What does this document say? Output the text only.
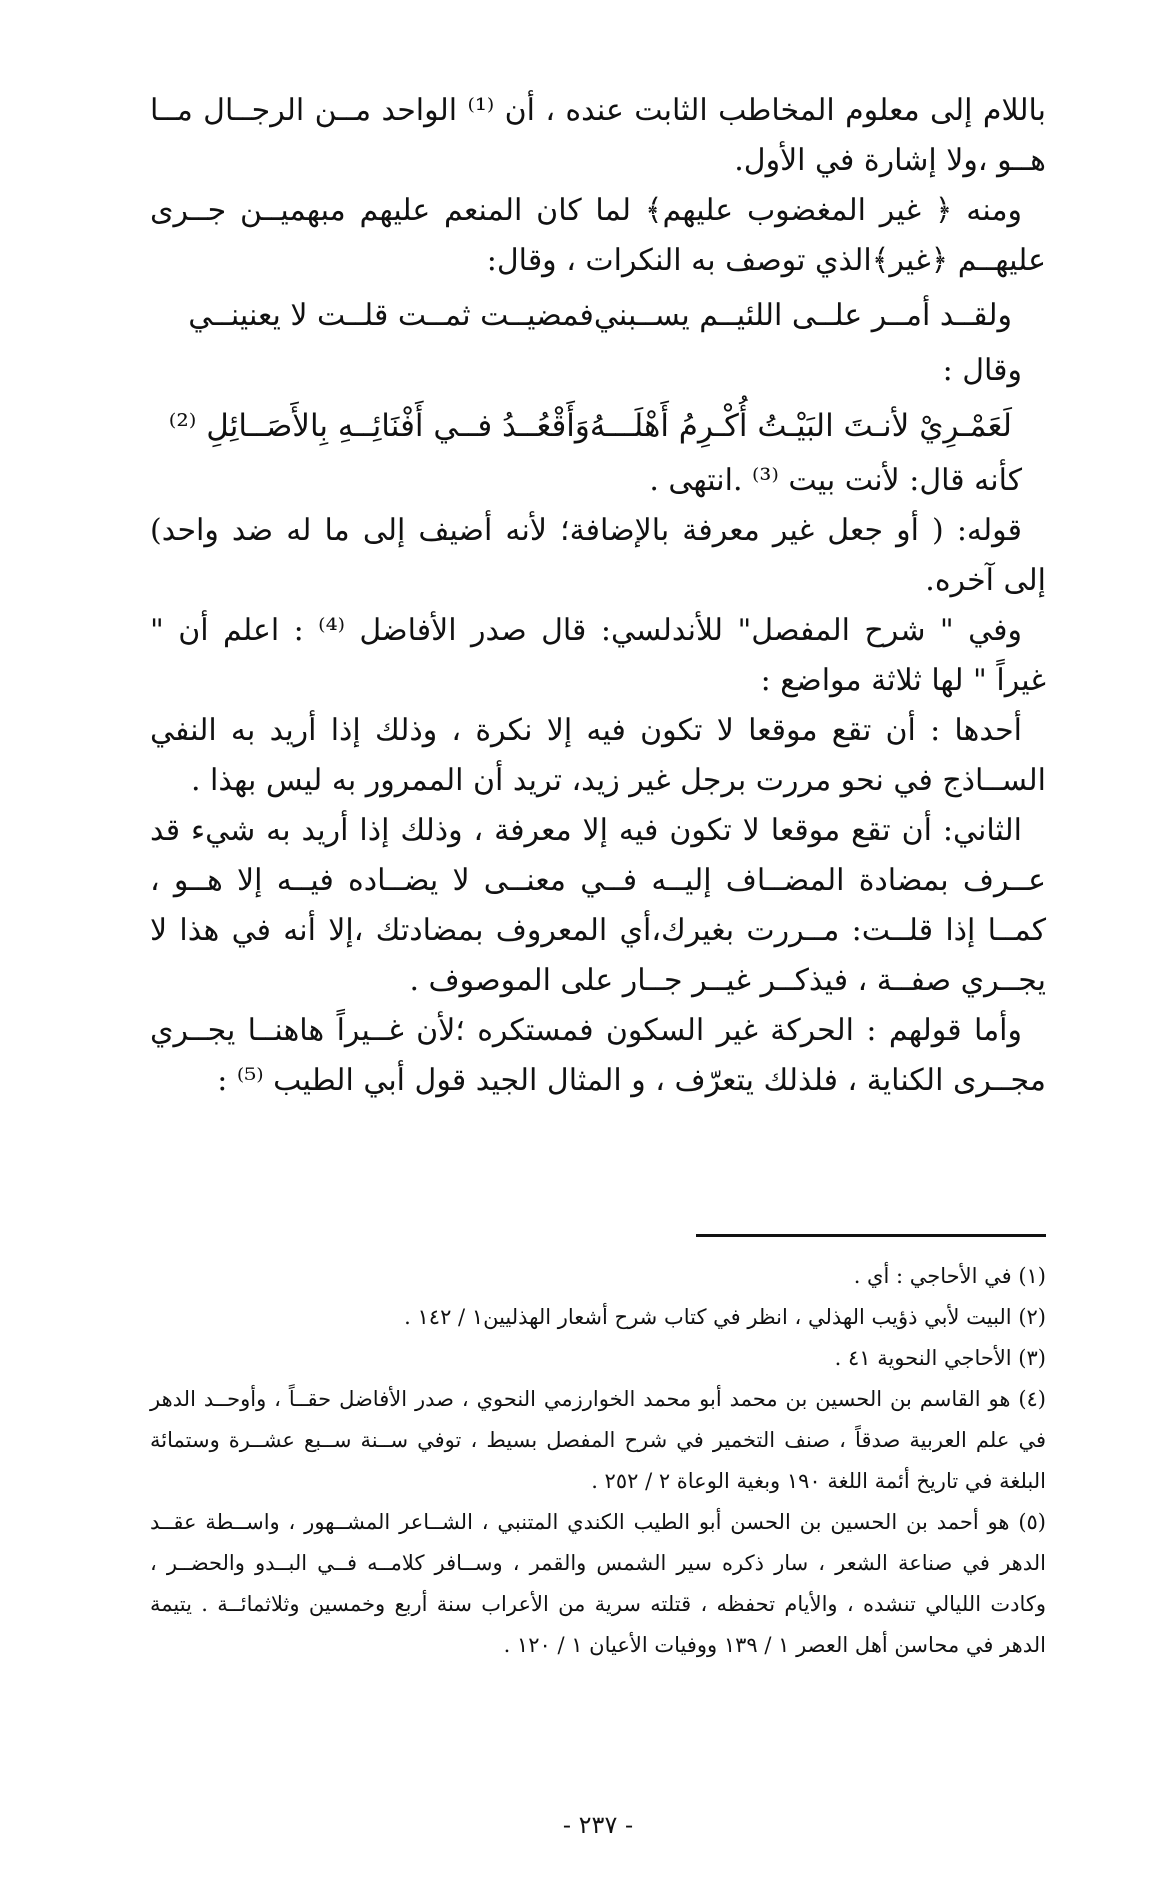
باللام إلى معلوم المخاطب الثابت عنده ، أن ⁽¹⁾ الواحد مــن الرجــال مــا هــو ،ولا إشارة في الأول.

ومنه ﴿ غير المغضوب عليهم﴾ لما كان المنعم عليهم مبهميــن جــرى عليهــم ﴿غير﴾الذي توصف به النكرات ، وقال:

ولقــد أمــر علــى اللئيــم يســبني
فمضيــت ثمــت قلــت لا يعنينــي

وقال :

لَعَمْـرِيْ لأنـتَ البَيْـتُ أُكْـرِمُ أَهْلَـــهُ
وَأَقْعُــدُ فــي أَفْنَائِــهِ بِالأَصَــائِلِ ⁽²⁾

كأنه قال: لأنت بيت ⁽³⁾ .انتهى .

قوله: ( أو جعل غير معرفة بالإضافة؛ لأنه أضيف إلى ما له ضد واحد) إلى آخره.

وفي " شرح المفصل" للأندلسي: قال صدر الأفاضل ⁽⁴⁾ : اعلم أن " غيراً " لها ثلاثة مواضع :

أحدها : أن تقع موقعا لا تكون فيه إلا نكرة ، وذلك إذا أريد به النفي الســاذج في نحو مررت برجل غير زيد، تريد أن الممرور به ليس بهذا .

الثاني: أن تقع موقعا لا تكون فيه إلا معرفة ، وذلك إذا أريد به شيء قد عــرف بمضادة المضــاف إليــه فــي معنــى لا يضــاده فيــه إلا هــو ، كمــا إذا قلــت: مــررت بغيرك،أي المعروف بمضادتك ،إلا أنه في هذا لا يجــري صفــة ، فيذكــر غيــر جــار على الموصوف .

وأما قولهم : الحركة غير السكون فمستكره ؛لأن غــيراً هاهنــا يجــري مجــرى الكناية ، فلذلك يتعرّف ، و المثال الجيد قول أبي الطيب ⁽⁵⁾ :

(١) في الأحاجي : أي .

(٢) البيت لأبي ذؤيب الهذلي ، انظر في كتاب شرح أشعار الهذليين١ / ١٤٢ .

(٣) الأحاجي النحوية ٤١ .

(٤) هو القاسم بن الحسين بن محمد أبو محمد الخوارزمي النحوي ، صدر الأفاضل حقــاً ، وأوحــد الدهر في علم العربية صدقاً ، صنف التخمير في شرح المفصل بسيط ، توفي ســنة ســبع عشــرة وستمائة البلغة في تاريخ أئمة اللغة ١٩٠ وبغية الوعاة ٢ / ٢٥٢ .

(٥) هو أحمد بن الحسين بن الحسن أبو الطيب الكندي المتنبي ، الشــاعر المشــهور ، واســطة عقــد الدهر في صناعة الشعر ، سار ذكره سير الشمس والقمر ، وســافر كلامــه فــي البــدو والحضــر ، وكادت الليالي تنشده ، والأيام تحفظه ، قتلته سرية من الأعراب سنة أربع وخمسين وثلاثمائــة . يتيمة الدهر في محاسن أهل العصر ١ / ١٣٩ ووفيات الأعيان ١ / ١٢٠ .

- ٢٣٧ -
